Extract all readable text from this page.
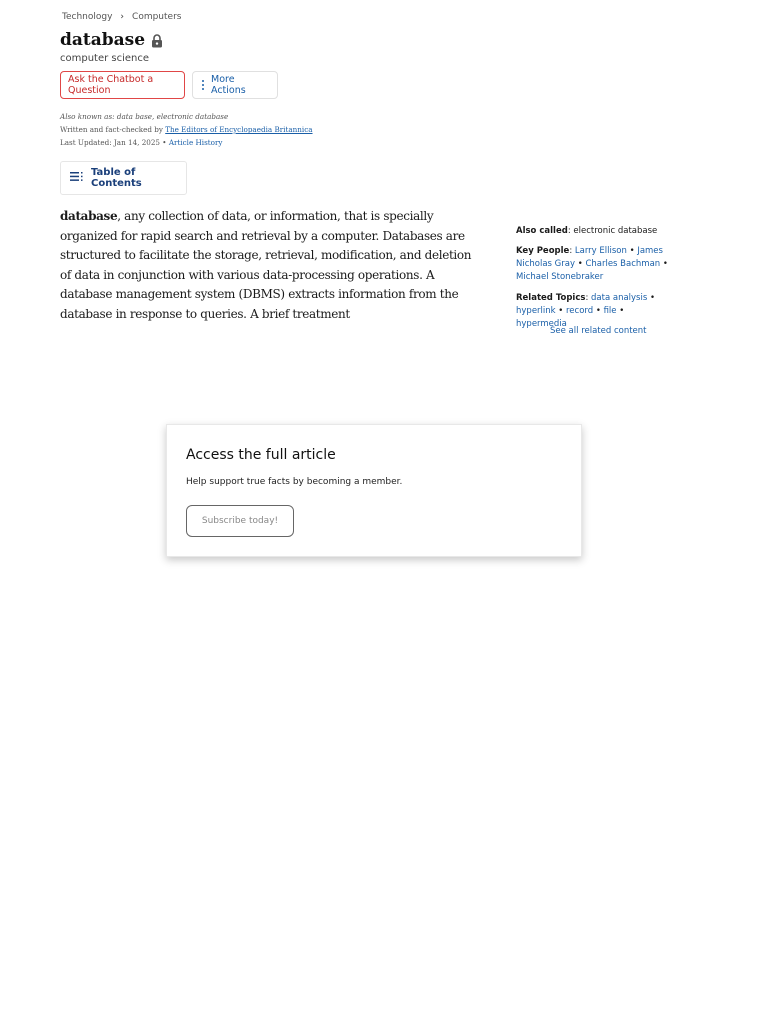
Technology › Computers
database
computer science
Ask the Chatbot a Question
More Actions
Also known as: data base, electronic database
Written and fact-checked by The Editors of Encyclopaedia Britannica
Last Updated: Jan 14, 2025 • Article History
Table of Contents
database, any collection of data, or information, that is specially organized for rapid search and retrieval by a computer. Databases are structured to facilitate the storage, retrieval, modification, and deletion of data in conjunction with various data-processing operations. A database management system (DBMS) extracts information from the database in response to queries. A brief treatment
Also called: electronic database
Key People: Larry Ellison • James Nicholas Gray • Charles Bachman • Michael Stonebraker
Related Topics: data analysis •
hyperlink • record • file • hypermedia
See all related content
Access the full article
Help support true facts by becoming a member.
Subscribe today!
